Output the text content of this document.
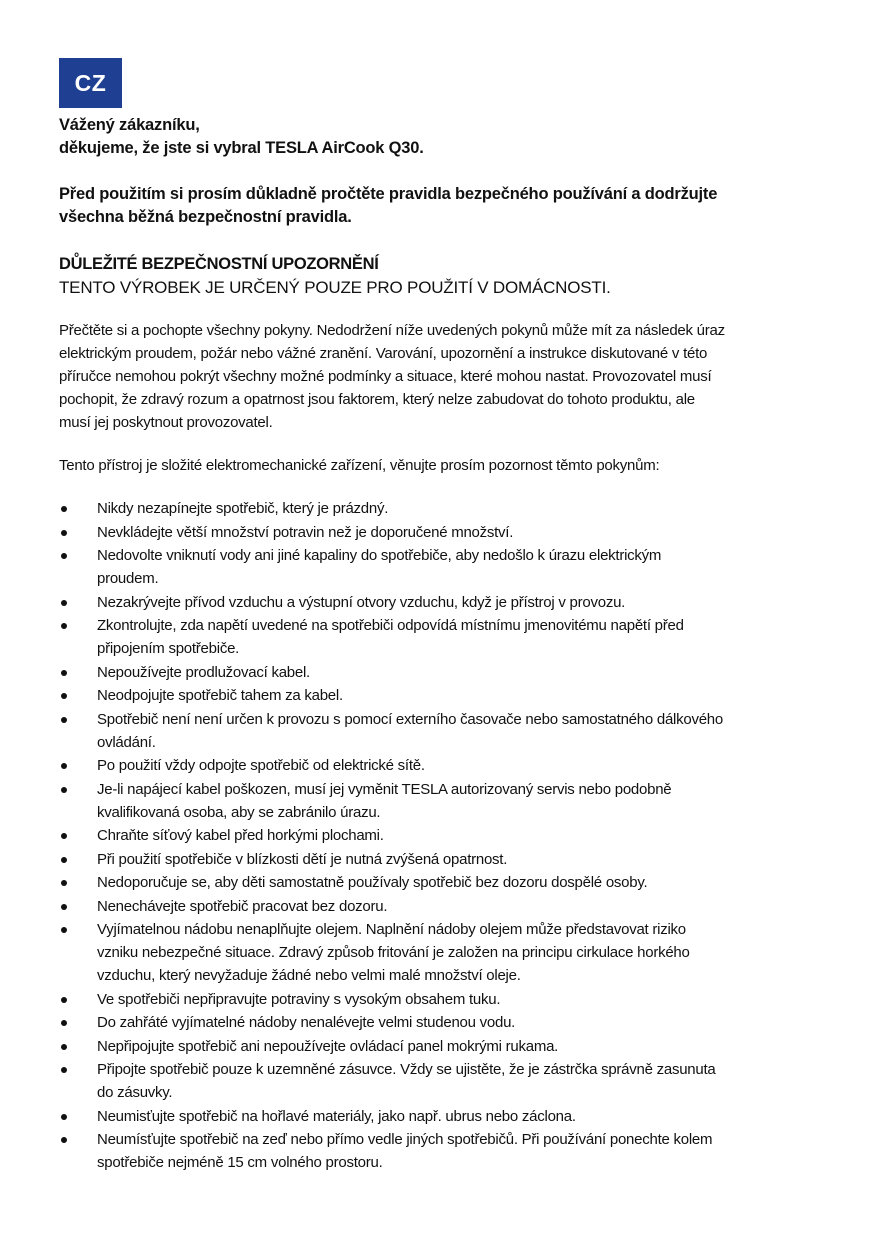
CZ
Vážený zákazníku,
děkujeme, že jste si vybral TESLA AirCook Q30.
Před použitím si prosím důkladně pročtěte pravidla bezpečného používání a dodržujte
všechna běžná bezpečnostní pravidla.
DŮLEŽITÉ BEZPEČNOSTNÍ UPOZORNĚNÍ
TENTO VÝROBEK JE URČENÝ POUZE PRO POUŽITÍ V DOMÁCNOSTI.
Přečtěte si a pochopte všechny pokyny. Nedodržení níže uvedených pokynů může mít za následek úraz
elektrickým proudem, požár nebo vážné zranění. Varování, upozornění a instrukce diskutované v této
příručce nemohou pokrýt všechny možné podmínky a situace, které mohou nastat. Provozovatel musí
pochopit, že zdravý rozum a opatrnost jsou faktorem, který nelze zabudovat do tohoto produktu, ale
musí jej poskytnout provozovatel.
Tento přístroj je složité elektromechanické zařízení, věnujte prosím pozornost těmto pokynům:
Nikdy nezapínejte spotřebič, který je prázdný.
Nevkládejte větší množství potravin než je doporučené množství.
Nedovolte vniknutí vody ani jiné kapaliny do spotřebiče, aby nedošlo k úrazu elektrickým
proudem.
Nezakrývejte přívod vzduchu a výstupní otvory vzduchu, když je přístroj v provozu.
Zkontrolujte, zda napětí uvedené na spotřebiči odpovídá místnímu jmenovitému napětí před
připojením spotřebiče.
Nepoužívejte prodlužovací kabel.
Neodpojujte spotřebič tahem za kabel.
Spotřebič není není určen k provozu s pomocí externího časovače nebo samostatného dálkového
ovládání.
Po použití vždy odpojte spotřebič od elektrické sítě.
Je-li napájecí kabel poškozen, musí jej vyměnit TESLA autorizovaný servis nebo podobně
kvalifikovaná osoba, aby se zabránilo úrazu.
Chraňte síťový kabel před horkými plochami.
Při použití spotřebiče v blízkosti dětí je nutná zvýšená opatrnost.
Nedoporučuje se, aby děti samostatně používaly spotřebič bez dozoru dospělé osoby.
Nenechávejte spotřebič pracovat bez dozoru.
Vyjímatelnou nádobu nenaplňujte olejem. Naplnění nádoby olejem může představovat riziko
vzniku nebezpečné situace. Zdravý způsob fritování je založen na principu cirkulace horkého
vzduchu, který nevyžaduje žádné nebo velmi malé množství oleje.
Ve spotřebiči nepřipravujte potraviny s vysokým obsahem tuku.
Do zahřáté vyjímatelné nádoby nenalévejte velmi studenou vodu.
Nepřipojujte spotřebič ani nepoužívejte ovládací panel mokrými rukama.
Připojte spotřebič pouze k uzemněné zásuvce. Vždy se ujistěte, že je zástrčka správně zasunuta
do zásuvky.
Neumisťujte spotřebič na hořlavé materiály, jako např. ubrus nebo záclona.
Neumísťujte spotřebič na zeď nebo přímo vedle jiných spotřebičů. Při používání ponechte kolem
spotřebiče nejméně 15 cm volného prostoru.
